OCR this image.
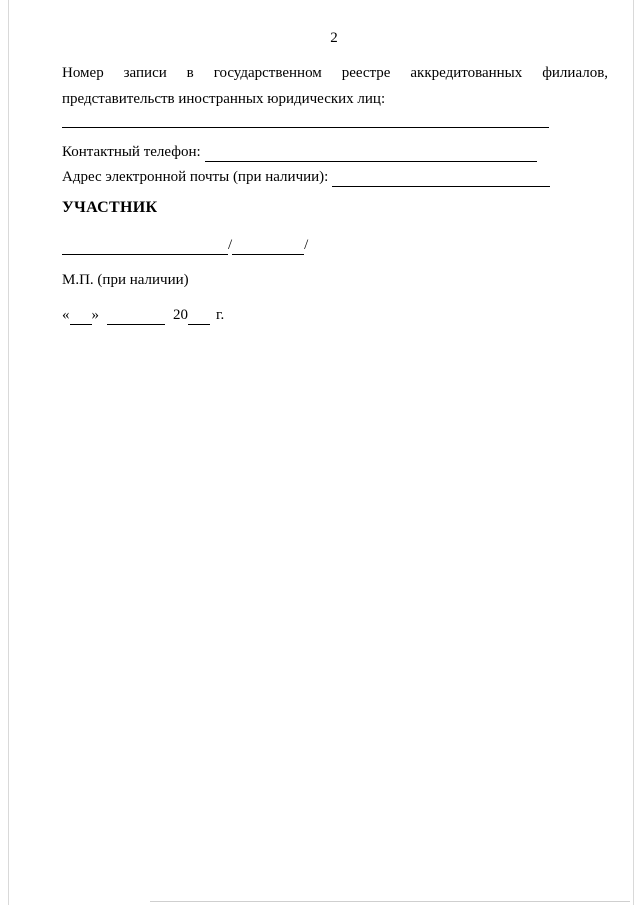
2
Номер записи в государственном реестре аккредитованных филиалов,
представительств иностранных юридических лиц:
Контактный телефон:
Адрес электронной почты (при наличии):
УЧАСТНИК
/	/
М.П. (при наличии)
« »	20 г.
